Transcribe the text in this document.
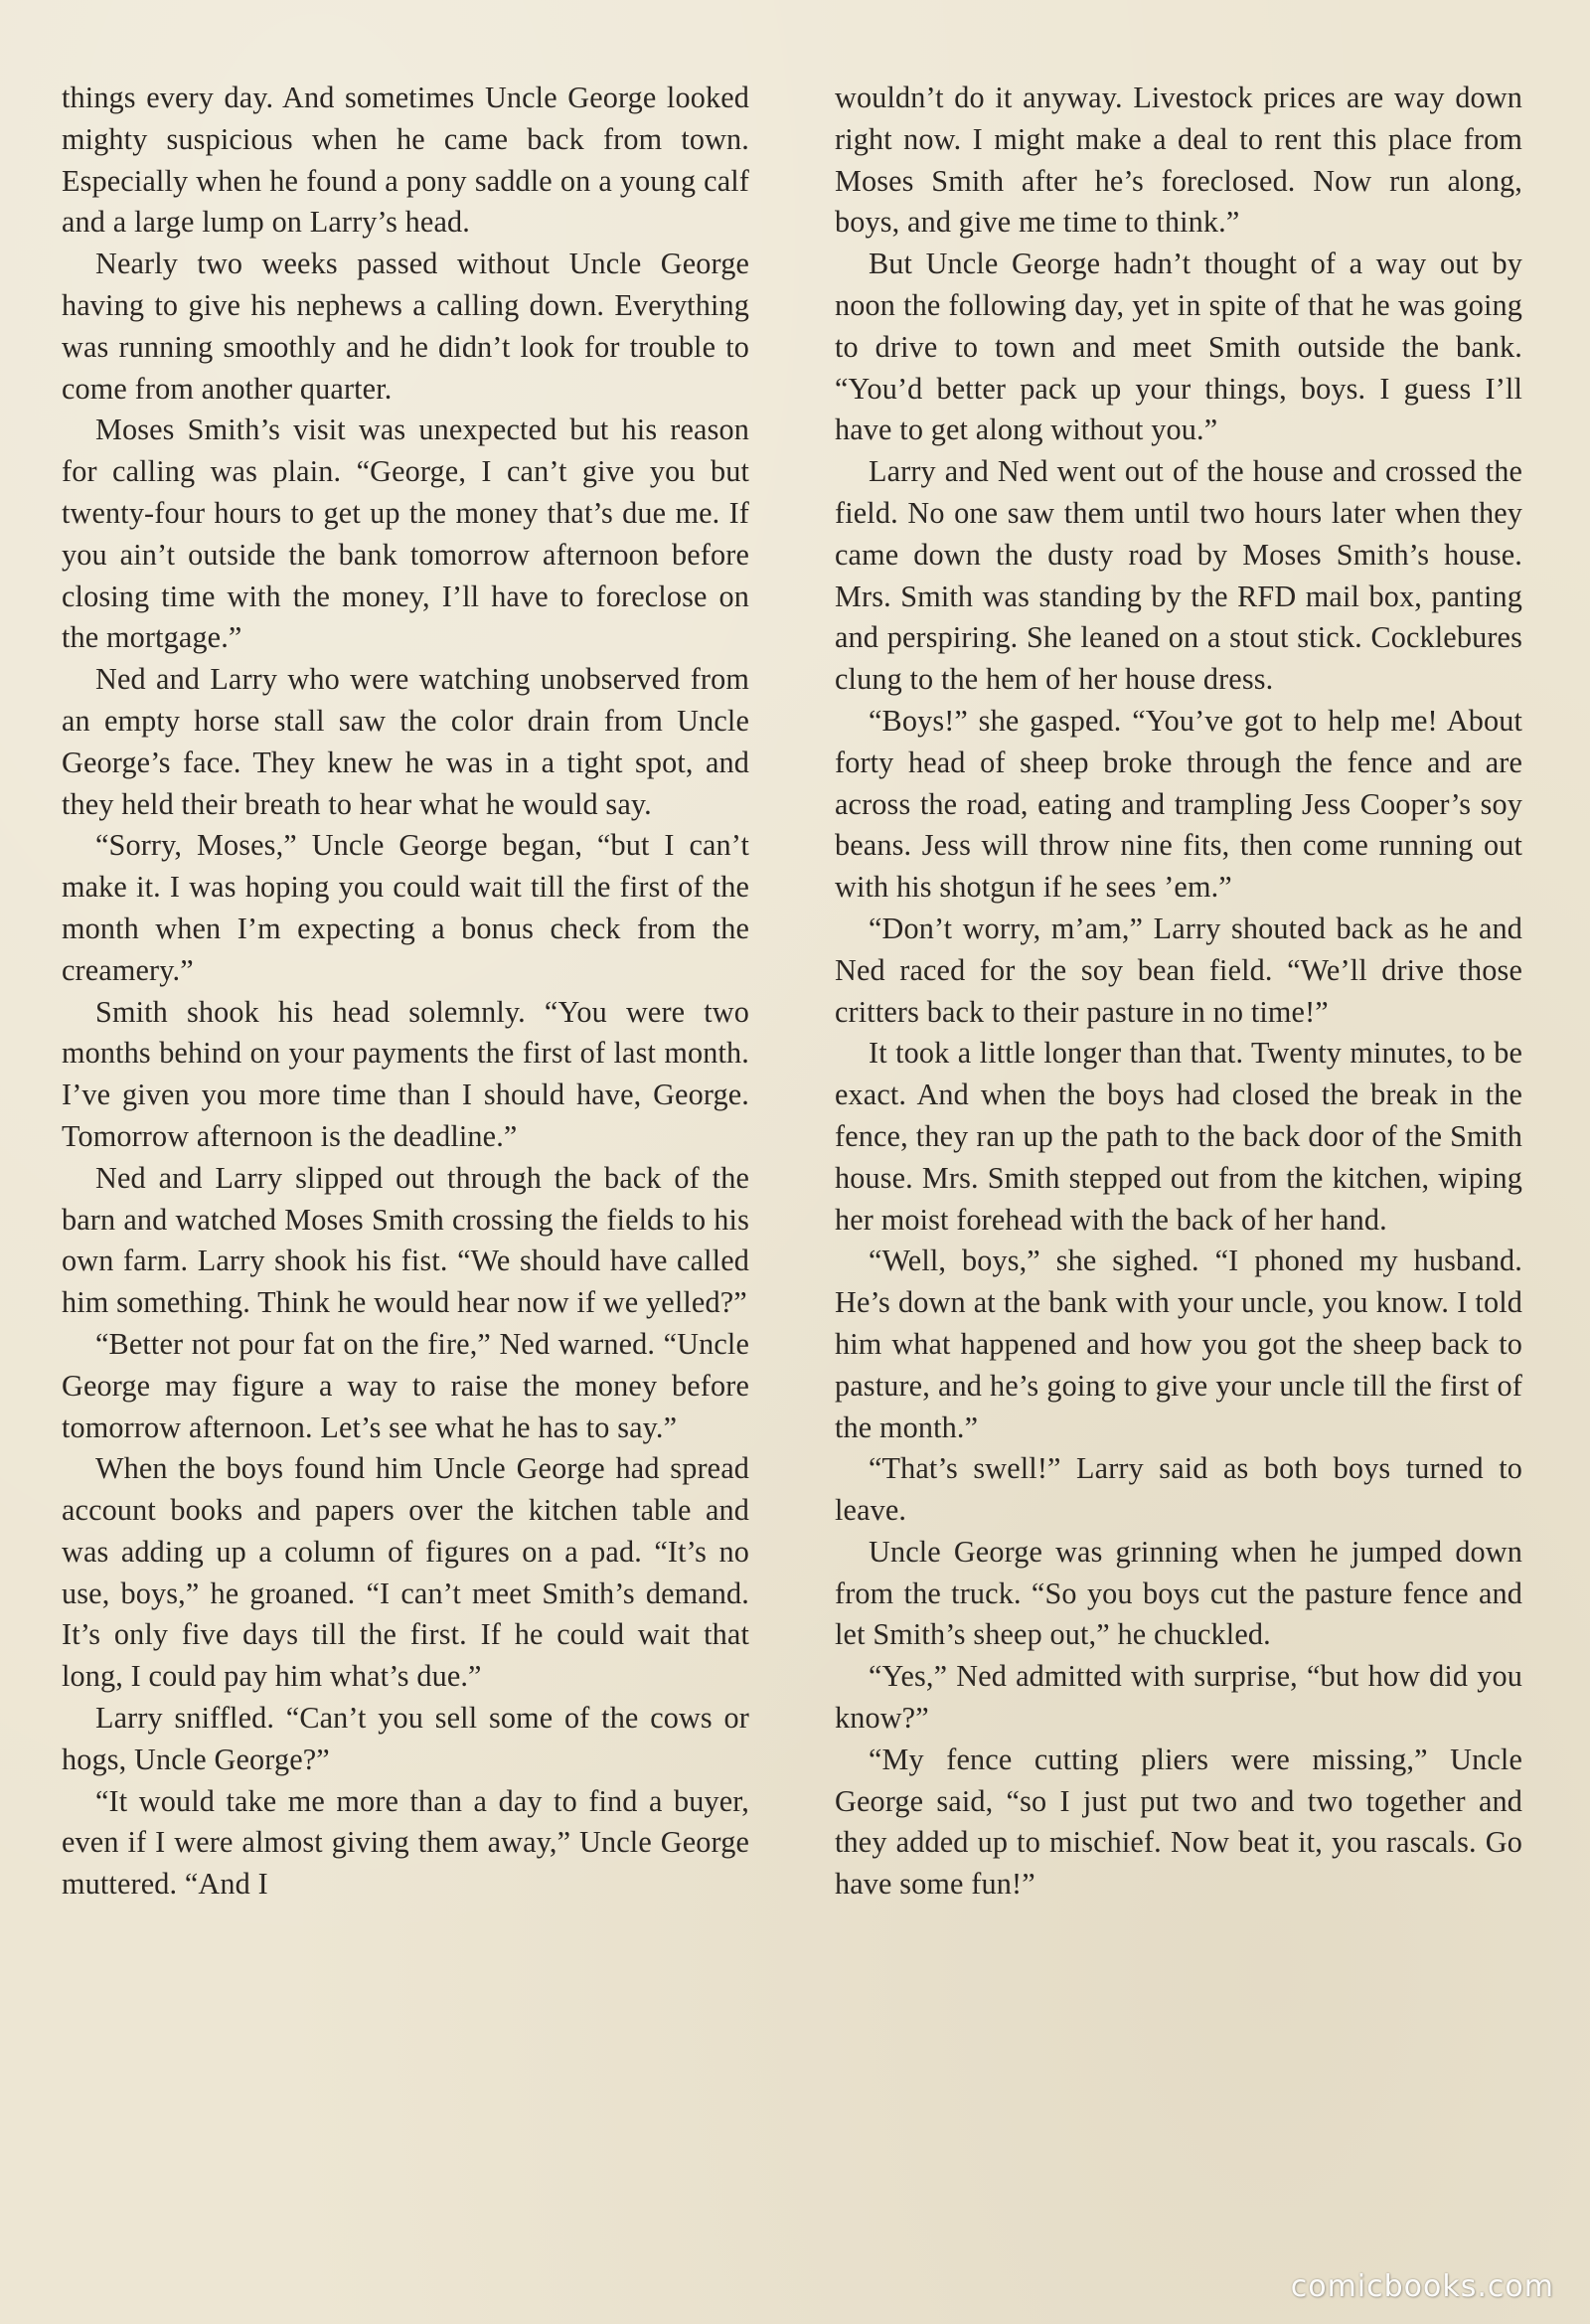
things every day. And sometimes Uncle George looked mighty suspicious when he came back from town. Especially when he found a pony saddle on a young calf and a large lump on Larry’s head.

Nearly two weeks passed without Uncle George having to give his nephews a calling down. Everything was running smoothly and he didn’t look for trouble to come from another quarter.

Moses Smith’s visit was unexpected but his reason for calling was plain. “George, I can’t give you but twenty-four hours to get up the money that’s due me. If you ain’t outside the bank tomorrow afternoon before closing time with the money, I’ll have to foreclose on the mortgage.”

Ned and Larry who were watching unobserved from an empty horse stall saw the color drain from Uncle George’s face. They knew he was in a tight spot, and they held their breath to hear what he would say.

“Sorry, Moses,” Uncle George began, “but I can’t make it. I was hoping you could wait till the first of the month when I’m expecting a bonus check from the creamery.”

Smith shook his head solemnly. “You were two months behind on your payments the first of last month. I’ve given you more time than I should have, George. Tomorrow afternoon is the deadline.”

Ned and Larry slipped out through the back of the barn and watched Moses Smith crossing the fields to his own farm. Larry shook his fist. “We should have called him something. Think he would hear now if we yelled?”

“Better not pour fat on the fire,” Ned warned. “Uncle George may figure a way to raise the money before tomorrow afternoon. Let’s see what he has to say.”

When the boys found him Uncle George had spread account books and papers over the kitchen table and was adding up a column of figures on a pad. “It’s no use, boys,” he groaned. “I can’t meet Smith’s demand. It’s only five days till the first. If he could wait that long, I could pay him what’s due.”

Larry sniffled. “Can’t you sell some of the cows or hogs, Uncle George?”

“It would take me more than a day to find a buyer, even if I were almost giving them away,” Uncle George muttered. “And I

wouldn’t do it anyway. Livestock prices are way down right now. I might make a deal to rent this place from Moses Smith after he’s foreclosed. Now run along, boys, and give me time to think.”

But Uncle George hadn’t thought of a way out by noon the following day, yet in spite of that he was going to drive to town and meet Smith outside the bank. “You’d better pack up your things, boys. I guess I’ll have to get along without you.”

Larry and Ned went out of the house and crossed the field. No one saw them until two hours later when they came down the dusty road by Moses Smith’s house. Mrs. Smith was standing by the RFD mail box, panting and perspiring. She leaned on a stout stick. Cocklebures clung to the hem of her house dress.

“Boys!” she gasped. “You’ve got to help me! About forty head of sheep broke through the fence and are across the road, eating and trampling Jess Cooper’s soy beans. Jess will throw nine fits, then come running out with his shotgun if he sees ’em.”

“Don’t worry, m’am,” Larry shouted back as he and Ned raced for the soy bean field. “We’ll drive those critters back to their pasture in no time!”

It took a little longer than that. Twenty minutes, to be exact. And when the boys had closed the break in the fence, they ran up the path to the back door of the Smith house. Mrs. Smith stepped out from the kitchen, wiping her moist forehead with the back of her hand.

“Well, boys,” she sighed. “I phoned my husband. He’s down at the bank with your uncle, you know. I told him what happened and how you got the sheep back to pasture, and he’s going to give your uncle till the first of the month.”

“That’s swell!” Larry said as both boys turned to leave.

Uncle George was grinning when he jumped down from the truck. “So you boys cut the pasture fence and let Smith’s sheep out,” he chuckled.

“Yes,” Ned admitted with surprise, “but how did you know?”

“My fence cutting pliers were missing,” Uncle George said, “so I just put two and two together and they added up to mischief. Now beat it, you rascals. Go have some fun!”

comicbooks.com
